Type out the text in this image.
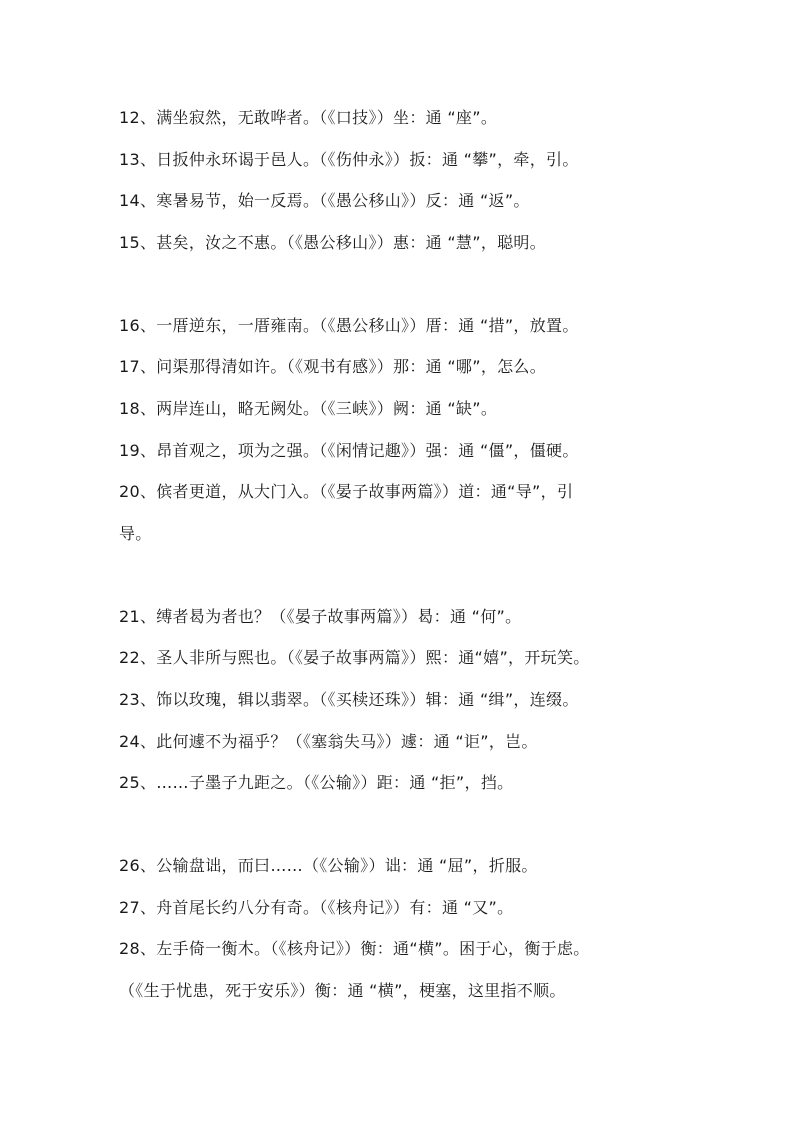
12、满坐寂然，无敢哗者。（《口技》）坐：通 “座”。
13、日扳仲永环谒于邑人。（《伤仲永》）扳：通 “攀”，牵，引。
14、寒暑易节，始一反焉。（《愚公移山》）反：通 “返”。
15、甚矣，汝之不惠。（《愚公移山》）惠：通 “慧”，聪明。
16、一厝逆东，一厝雍南。（《愚公移山》）厝：通 “措”，放置。
17、问渠那得清如许。（《观书有感》）那：通 “哪”，怎么。
18、两岸连山，略无阙处。（《三峡》）阙：通 “缺”。
19、昂首观之，项为之强。（《闲情记趣》）强：通 “僵”，僵硬。
20、傧者更道，从大门入。（《晏子故事两篇》）道：通“导”，引
导。
21、缚者曷为者也？（《晏子故事两篇》）曷：通 “何”。
22、圣人非所与熙也。（《晏子故事两篇》）熙：通“嬉”，开玩笑。
23、饰以玫瑰，辑以翡翠。（《买椟还珠》）辑：通 “缉”，连缀。
24、此何遽不为福乎？（《塞翁失马》）遽：通 “讵”，岂。
25、……子墨子九距之。（《公输》）距：通 “拒”，挡。
26、公输盘诎，而曰……（《公输》）诎：通 “屈”，折服。
27、舟首尾长约八分有奇。（《核舟记》）有：通 “又”。
28、左手倚一衡木。（《核舟记》）衡：通“横”。困于心，衡于虑。
（《生于忧患，死于安乐》）衡：通 “横”，梗塞，这里指不顺。
